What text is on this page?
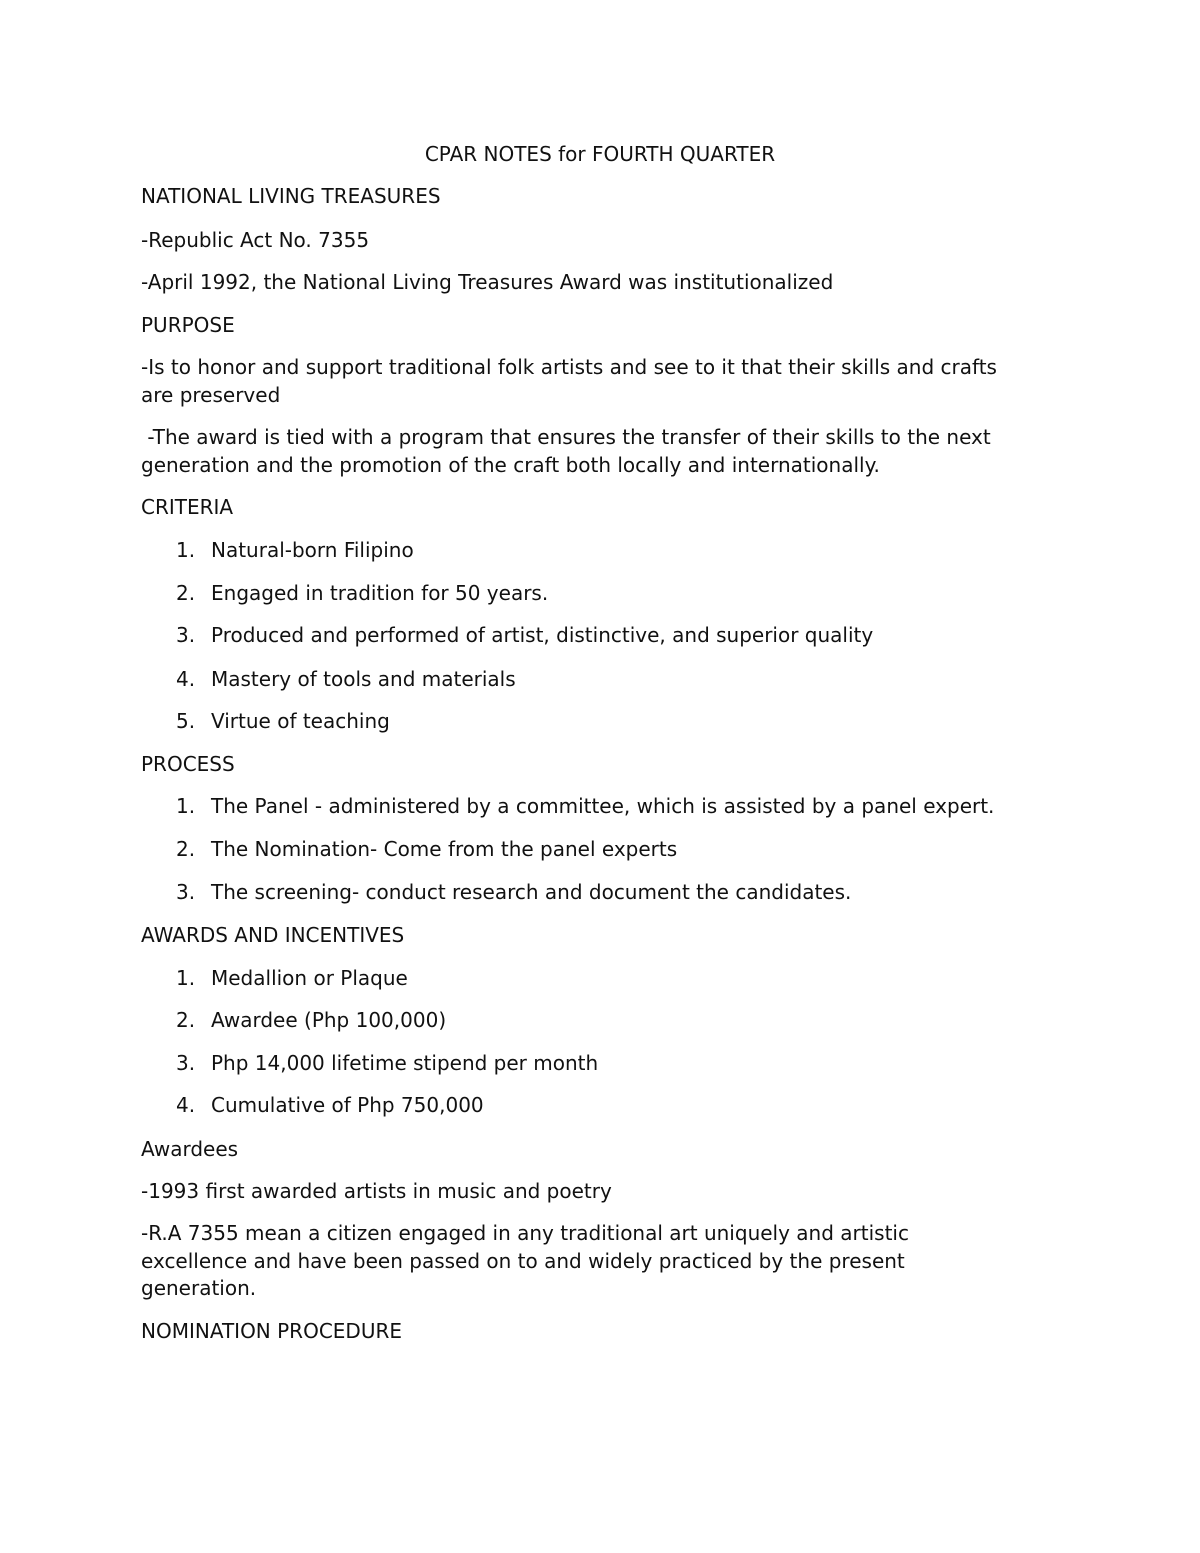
CPAR NOTES for FOURTH QUARTER
NATIONAL LIVING TREASURES
-Republic Act No. 7355
-April 1992, the National Living Treasures Award was institutionalized
PURPOSE
-Is to honor and support traditional folk artists and see to it that their skills and crafts are preserved
-The award is tied with a program that ensures the transfer of their skills to the next generation and the promotion of the craft both locally and internationally.
CRITERIA
1. Natural-born Filipino
2. Engaged in tradition for 50 years.
3. Produced and performed of artist, distinctive, and superior quality
4. Mastery of tools and materials
5. Virtue of teaching
PROCESS
1. The Panel - administered by a committee, which is assisted by a panel expert.
2. The Nomination- Come from the panel experts
3. The screening- conduct research and document the candidates.
AWARDS AND INCENTIVES
1. Medallion or Plaque
2. Awardee (Php 100,000)
3. Php 14,000 lifetime stipend per month
4. Cumulative of Php 750,000
Awardees
-1993 first awarded artists in music and poetry
-R.A 7355 mean a citizen engaged in any traditional art uniquely and artistic excellence and have been passed on to and widely practiced by the present generation.
NOMINATION PROCEDURE
